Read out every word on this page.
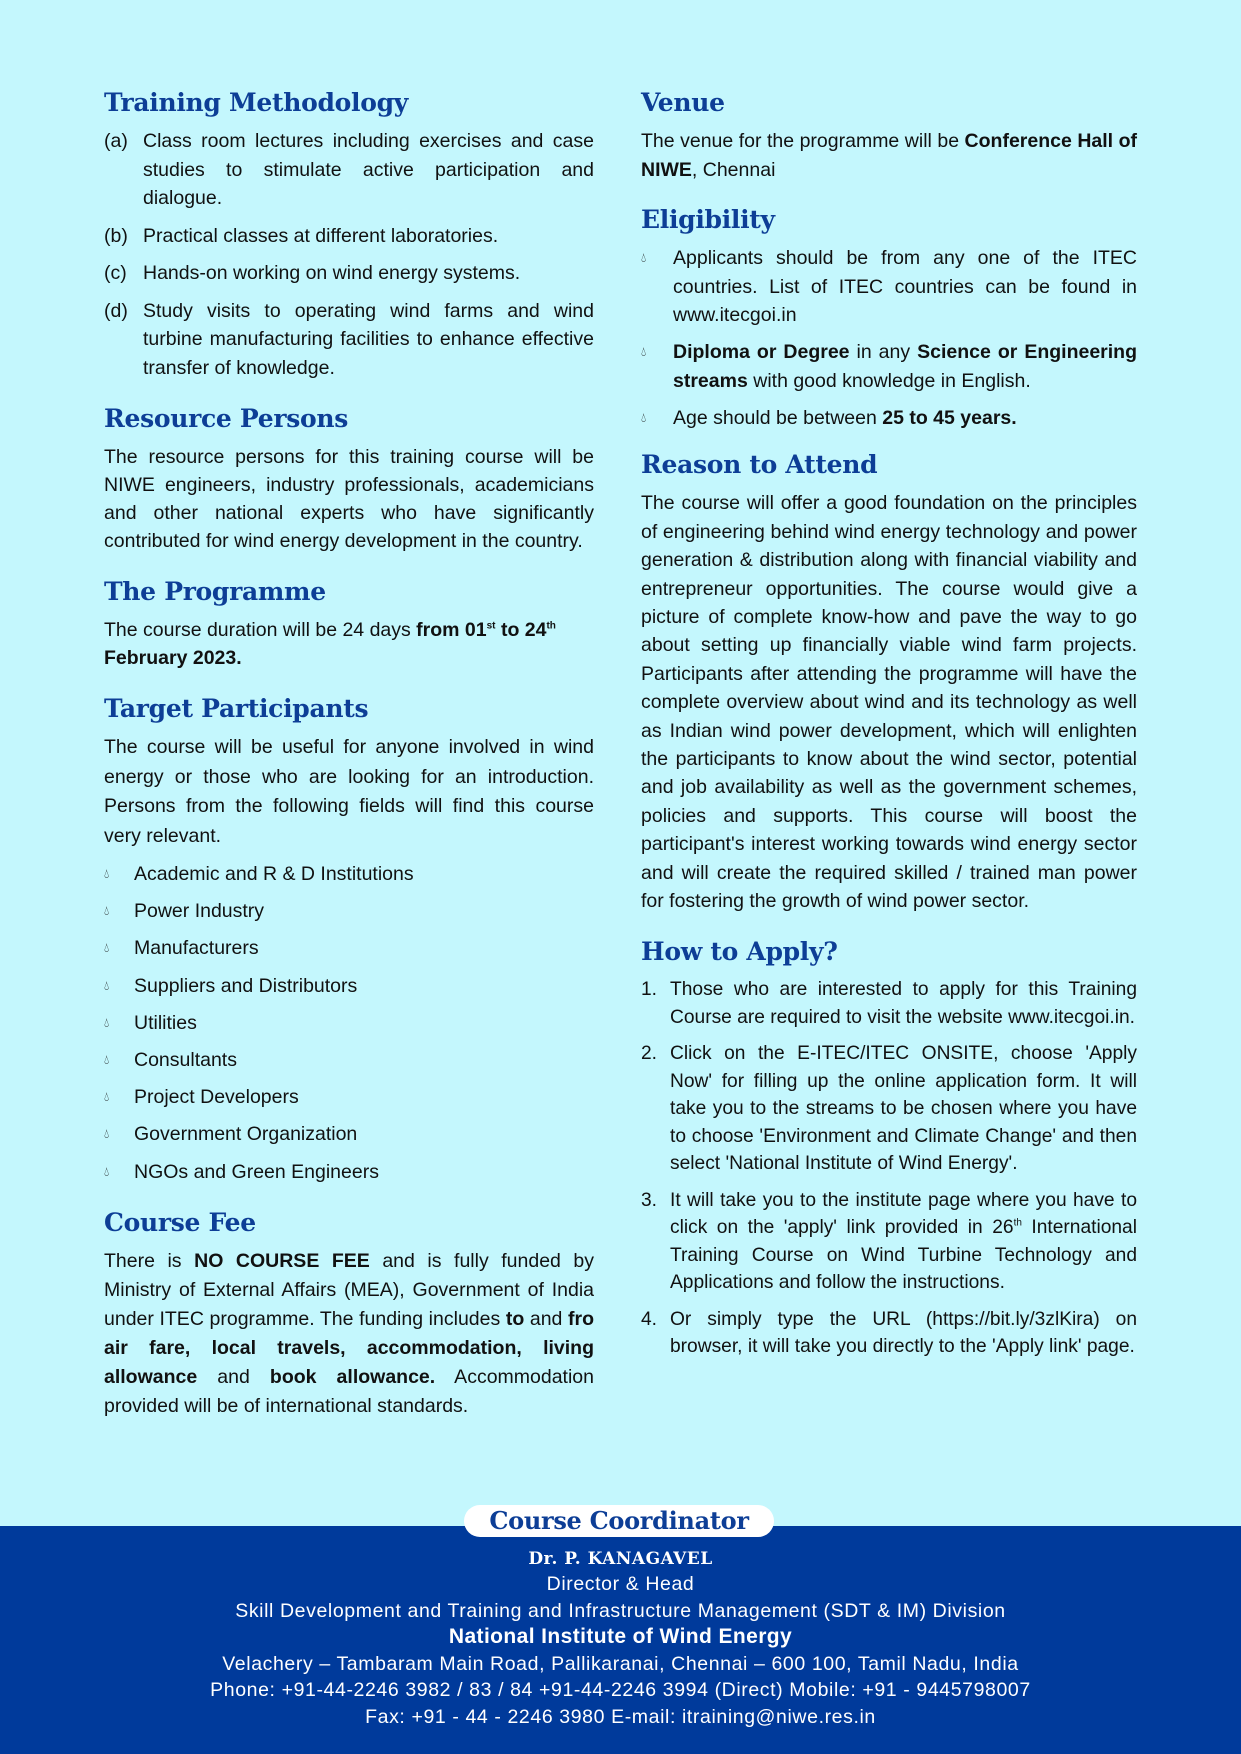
Training Methodology
(a) Class room lectures including exercises and case studies to stimulate active participation and dialogue.
(b) Practical classes at different laboratories.
(c) Hands-on working on wind energy systems.
(d) Study visits to operating wind farms and wind turbine manufacturing facilities to enhance effective transfer of knowledge.
Resource Persons

The resource persons for this training course will be NIWE engineers, industry professionals, academicians and other national experts who have significantly contributed for wind energy development in the country.

The Programme

The course duration will be 24 days from 01st to 24th
February 2023.

Target Participants

The course will be useful for anyone involved in wind energy or those who are looking for an introduction. Persons from the following fields will find this course very relevant.

💧︎	Academic and R & D Institutions
💧︎	Power Industry
💧︎	Manufacturers
💧︎	Suppliers and Distributors
💧︎	Utilities
💧︎	Consultants
💧︎	Project Developers
💧︎	Government Organization
💧︎	NGOs and Green Engineers
Course Fee

There is NO COURSE FEE and is fully funded by Ministry of External Affairs (MEA), Government of India under ITEC programme. The funding includes to and fro air fare, local travels, accommodation, living allowance and book allowance. Accommodation provided will be of international standards.

Venue

The venue for the programme will be Conference Hall of NIWE, Chennai

Eligibility
💧︎	Applicants should be from any one of the ITEC countries. List of ITEC countries can be found in www.itecgoi.in
💧︎	Diploma or Degree in any Science or Engineering streams with good knowledge in English.
💧︎	Age should be between 25 to 45 years.
Reason to Attend

The course will offer a good foundation on the principles of engineering behind wind energy technology and power generation & distribution along with financial viability and entrepreneur opportunities. The course would give a picture of complete know-how and pave the way to go about setting up financially viable wind farm projects. Participants after attending the programme will have the complete overview about wind and its technology as well as Indian wind power development, which will enlighten the participants to know about the wind sector, potential and job availability as well as the government schemes, policies and supports. This course will boost the participant's interest working towards wind energy sector and will create the required skilled / trained man power for fostering the growth of wind power sector.

How to Apply?
1. Those who are interested to apply for this Training Course are required to visit the website www.itecgoi.in.
2. Click on the E-ITEC/ITEC ONSITE, choose 'Apply Now' for filling up the online application form. It will take you to the streams to be chosen where you have to choose 'Environment and Climate Change' and then select 'National Institute of Wind Energy'.
3. It will take you to the institute page where you have to click on the 'apply' link provided in 26th International Training Course on Wind Turbine Technology and Applications and follow the instructions.
4. Or simply type the URL (https://bit.ly/3zlKira) on browser, it will take you directly to the 'Apply link' page.
Course Coordinator
Dr. P. KANAGAVEL
Director & Head
Skill Development and Training and Infrastructure Management (SDT & IM) Division
National Institute of Wind Energy
Velachery – Tambaram Main Road, Pallikaranai, Chennai – 600 100, Tamil Nadu, India
Phone: +91-44-2246 3982 / 83 / 84 +91-44-2246 3994 (Direct) Mobile: +91 - 9445798007
Fax: +91 - 44 - 2246 3980 E-mail: itraining@niwe.res.in
